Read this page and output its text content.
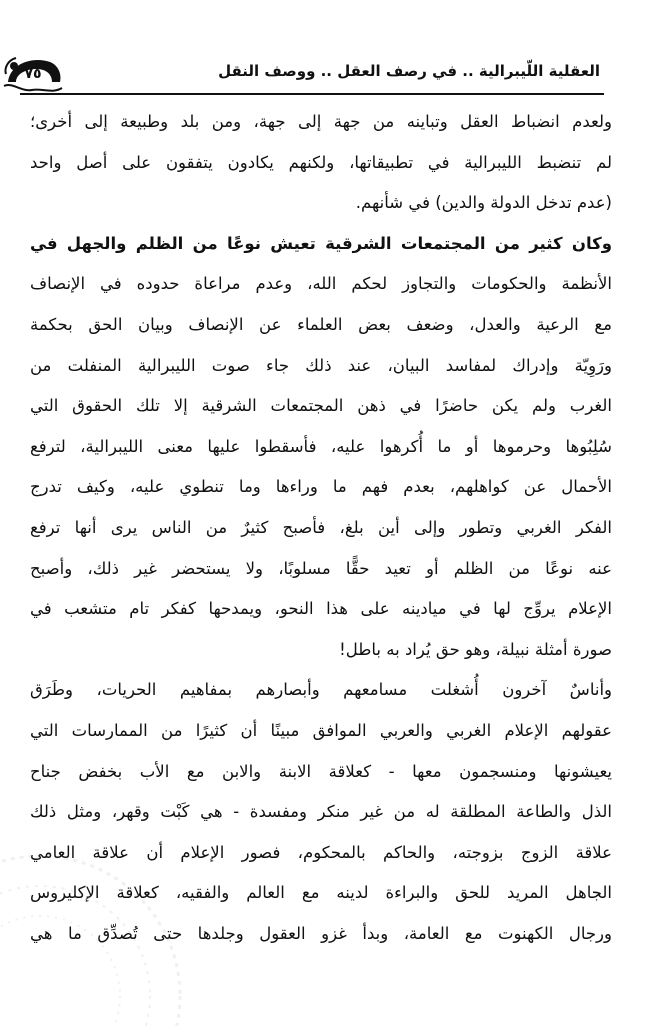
العقلية اللّيبرالية .. في رصف العقل .. ووصف النقل
٧٥
ولعدم انضباط العقل وتباينه من جهة إلى جهة، ومن بلد وطبيعة إلى أخرى؛
لم تنضبط الليبرالية في تطبيقاتها، ولكنهم يكادون يتفقون على أصل واحد
(عدم تدخل الدولة والدين) في شأنهم.
وكان كثير من المجتمعات الشرقية تعيش نوعًا من الظلم والجهل في
الأنظمة والحكومات والتجاوز لحكم الله، وعدم مراعاة حدوده في الإنصاف
مع الرعية والعدل، وضعف بعض العلماء عن الإنصاف وبيان الحق بحكمة
ورَوِيّة وإدراك لمفاسد البيان، عند ذلك جاء صوت الليبرالية المنفلت من
الغرب ولم يكن حاضرًا في ذهن المجتمعات الشرقية إلا تلك الحقوق التي
سُلِبُوها وحرموها أو ما أُكرهوا عليه، فأسقطوا عليها معنى الليبرالية، لترفع
الأحمال عن كواهلهم، بعدم فهم ما وراءها وما تنطوي عليه، وكيف تدرج
الفكر الغربي وتطور وإلى أين بلغ، فأصبح كثيرٌ من الناس يرى أنها ترفع
عنه نوعًا من الظلم أو تعيد حقًّا مسلوبًا، ولا يستحضر غير ذلك، وأصبح
الإعلام يروِّج لها في ميادينه على هذا النحو، ويمدحها كفكر تام متشعب في
صورة أمثلة نبيلة، وهو حق يُراد به باطل!
وأناسٌ آخرون أُشغلت مسامعهم وأبصارهم بمفاهيم الحريات، وطَرَق
عقولهم الإعلام الغربي والعربي الموافق مبينًا أن كثيرًا من الممارسات التي
يعيشونها ومنسجمون معها - كعلاقة الابنة والابن مع الأب بخفض جناح
الذل والطاعة المطلقة له من غير منكر ومفسدة - هي كَبْت وقهر، ومثل ذلك
علاقة الزوج بزوجته، والحاكم بالمحكوم، فصور الإعلام أن علاقة العامي
الجاهل المريد للحق والبراءة لدينه مع العالم والفقيه، كعلاقة الإكليروس
ورجال الكهنوت مع العامة، وبدأ غزو العقول وجلدها حتى تُصدِّق ما هي
